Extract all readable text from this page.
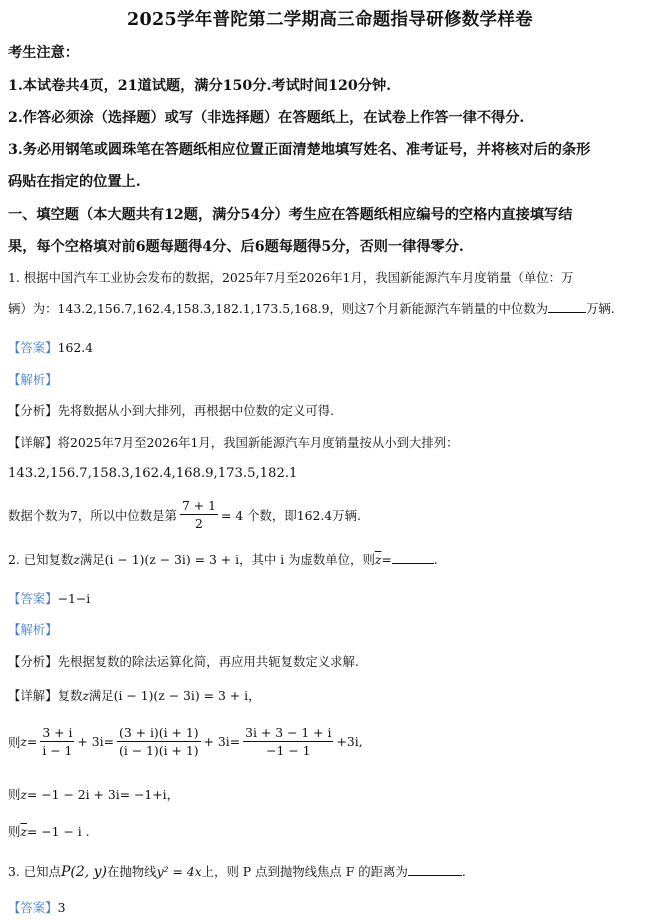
2025学年普陀第二学期高三命题指导研修数学样卷
考生注意：
1.本试卷共4页，21道试题，满分150分.考试时间120分钟.
2.作答必须涂（选择题）或写（非选择题）在答题纸上，在试卷上作答一律不得分.
3.务必用钢笔或圆珠笔在答题纸相应位置正面清楚地填写姓名、准考证号，并将核对后的条形
码贴在指定的位置上.
一、填空题（本大题共有12题，满分54分）考生应在答题纸相应编号的空格内直接填写结
果，每个空格填对前6题每题得4分、后6题每题得5分，否则一律得零分.
1. 根据中国汽车工业协会发布的数据，2025年7月至2026年1月，我国新能源汽车月度销量（单位：万
辆）为：143.2,156.7,162.4,158.3,182.1,173.5,168.9，则这7个月新能源汽车销量的中位数为	万辆.
【答案】162.4
【解析】
【分析】先将数据从小到大排列，再根据中位数的定义可得.
【详解】将2025年7月至2026年1月，我国新能源汽车月度销量按从小到大排列：
143.2,156.7,158.3,162.4,168.9,173.5,182.1
数据个数为7，所以中位数是第 $\frac{7 + 1}{2} = 4$ 个数，即162.4万辆.
2. 已知复数z满足(i − 1)(z − 3i) = 3 + i，其中 i 为虚数单位，则$\overline{z}=$	.
【答案】−1−i
【解析】
【分析】先根据复数的除法运算化简，再应用共轭复数定义求解.
【详解】复数z满足(i − 1)(z − 3i) = 3 + i，
则 $z = \frac{3 + i}{i - 1} + 3i= \frac{(3 + i)(i + 1)}{(i - 1)(i + 1)} + 3i= \frac{3i + 3 - 1 + i}{-1 - 1} +3i$,
则z= −1 − 2i + 3i= −1+i，
则$\overline{z}= -1 - i$ .
3. 已知点P(2, y)在抛物线y² = 4x上，则 P 点到抛物线焦点 F 的距离为	.
【答案】3
